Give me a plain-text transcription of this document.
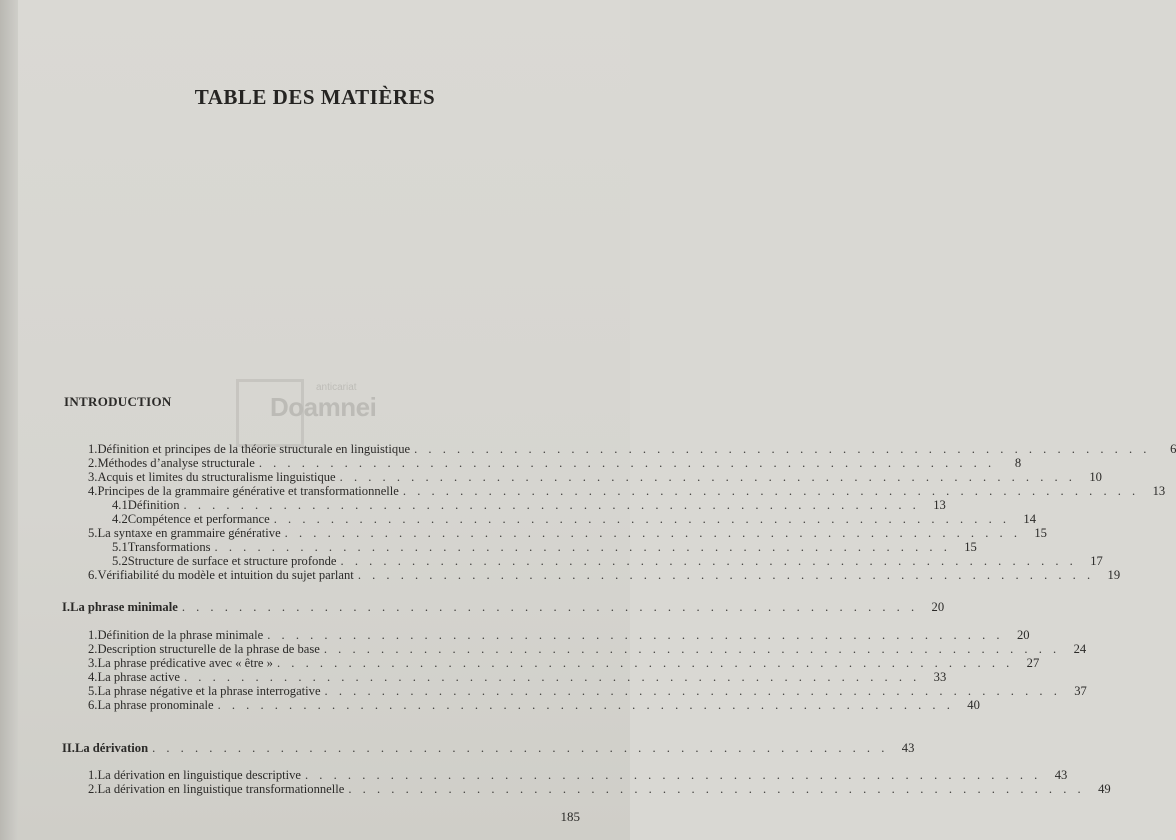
TABLE DES MATIÈRES
anticariat
Doamnei
INTRODUCTION
1. Définition et principes de la théorie structurale en linguistique . . . . . . . . . . . . . . . . . . . . . . . . . . . . . . . . . . . . . . . . . . . . . . . . . . . .	6
2. Méthodes d’analyse structurale . . . . . . . . . . . . . . . . . . . . . . . . . . . . . . . . . . . . . . . . . . . . . . . . . . . .	8
3. Acquis et limites du structuralisme linguistique . . . . . . . . . . . . . . . . . . . . . . . . . . . . . . . . . . . . . . . . . . . . . . . . . . . .	10
4. Principes de la grammaire générative et transformationnelle . . . . . . . . . . . . . . . . . . . . . . . . . . . . . . . . . . . . . . . . . . . . . . . . . . . .	13
4.1 Définition . . . . . . . . . . . . . . . . . . . . . . . . . . . . . . . . . . . . . . . . . . . . . . . . . . . .	13
4.2 Compétence et performance . . . . . . . . . . . . . . . . . . . . . . . . . . . . . . . . . . . . . . . . . . . . . . . . . . . .	14
5. La syntaxe en grammaire générative . . . . . . . . . . . . . . . . . . . . . . . . . . . . . . . . . . . . . . . . . . . . . . . . . . . .	15
5.1 Transformations . . . . . . . . . . . . . . . . . . . . . . . . . . . . . . . . . . . . . . . . . . . . . . . . . . . .	15
5.2 Structure de surface et structure profonde . . . . . . . . . . . . . . . . . . . . . . . . . . . . . . . . . . . . . . . . . . . . . . . . . . . .	17
6. Vérifiabilité du modèle et intuition du sujet parlant . . . . . . . . . . . . . . . . . . . . . . . . . . . . . . . . . . . . . . . . . . . . . . . . . . . .	19
I. La phrase minimale . . . . . . . . . . . . . . . . . . . . . . . . . . . . . . . . . . . . . . . . . . . . . . . . . . . .	20
1. Définition de la phrase minimale . . . . . . . . . . . . . . . . . . . . . . . . . . . . . . . . . . . . . . . . . . . . . . . . . . . .	20
2. Description structurelle de la phrase de base . . . . . . . . . . . . . . . . . . . . . . . . . . . . . . . . . . . . . . . . . . . . . . . . . . . .	24
3. La phrase prédicative avec « être » . . . . . . . . . . . . . . . . . . . . . . . . . . . . . . . . . . . . . . . . . . . . . . . . . . . .	27
4. La phrase active . . . . . . . . . . . . . . . . . . . . . . . . . . . . . . . . . . . . . . . . . . . . . . . . . . . .	33
5. La phrase négative et la phrase interrogative . . . . . . . . . . . . . . . . . . . . . . . . . . . . . . . . . . . . . . . . . . . . . . . . . . . .	37
6. La phrase pronominale . . . . . . . . . . . . . . . . . . . . . . . . . . . . . . . . . . . . . . . . . . . . . . . . . . . .	40
II. La dérivation . . . . . . . . . . . . . . . . . . . . . . . . . . . . . . . . . . . . . . . . . . . . . . . . . . . .	43
1. La dérivation en linguistique descriptive . . . . . . . . . . . . . . . . . . . . . . . . . . . . . . . . . . . . . . . . . . . . . . . . . . . .	43
2. La dérivation en linguistique transformationnelle . . . . . . . . . . . . . . . . . . . . . . . . . . . . . . . . . . . . . . . . . . . . . . . . . . . .	49
185
